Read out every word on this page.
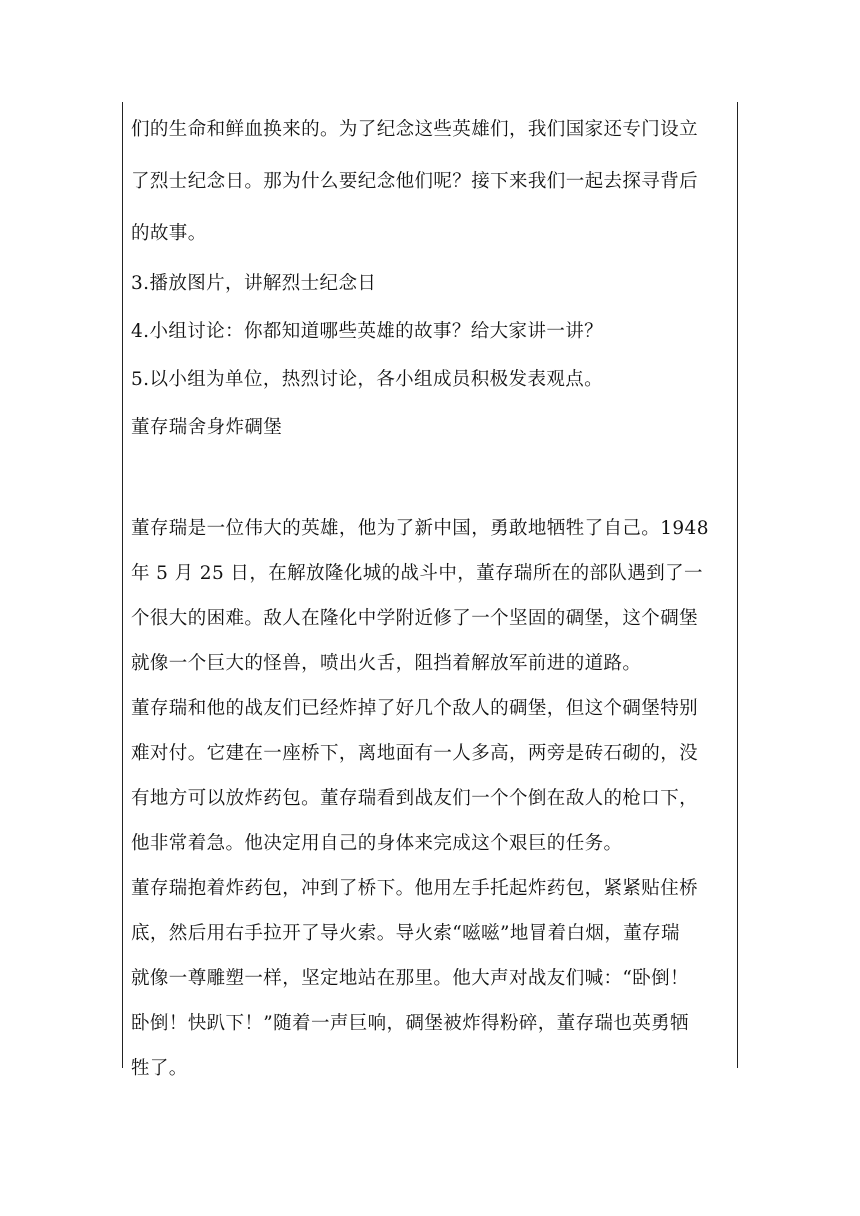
们的生命和鲜血换来的。为了纪念这些英雄们，我们国家还专门设立

了烈士纪念日。那为什么要纪念他们呢？接下来我们一起去探寻背后

的故事。

3.播放图片，讲解烈士纪念日

4.小组讨论：你都知道哪些英雄的故事？给大家讲一讲？

5.以小组为单位，热烈讨论，各小组成员积极发表观点。

董存瑞舍身炸碉堡

董存瑞是一位伟大的英雄，他为了新中国，勇敢地牺牲了自己。1948

年 5 月 25 日，在解放隆化城的战斗中，董存瑞所在的部队遇到了一

个很大的困难。敌人在隆化中学附近修了一个坚固的碉堡，这个碉堡

就像一个巨大的怪兽，喷出火舌，阻挡着解放军前进的道路。

董存瑞和他的战友们已经炸掉了好几个敌人的碉堡，但这个碉堡特别

难对付。它建在一座桥下，离地面有一人多高，两旁是砖石砌的，没

有地方可以放炸药包。董存瑞看到战友们一个个倒在敌人的枪口下，

他非常着急。他决定用自己的身体来完成这个艰巨的任务。

董存瑞抱着炸药包，冲到了桥下。他用左手托起炸药包，紧紧贴住桥

底，然后用右手拉开了导火索。导火索“嗞嗞”地冒着白烟，董存瑞

就像一尊雕塑一样，坚定地站在那里。他大声对战友们喊：“卧倒！

卧倒！快趴下！”随着一声巨响，碉堡被炸得粉碎，董存瑞也英勇牺

牲了。
